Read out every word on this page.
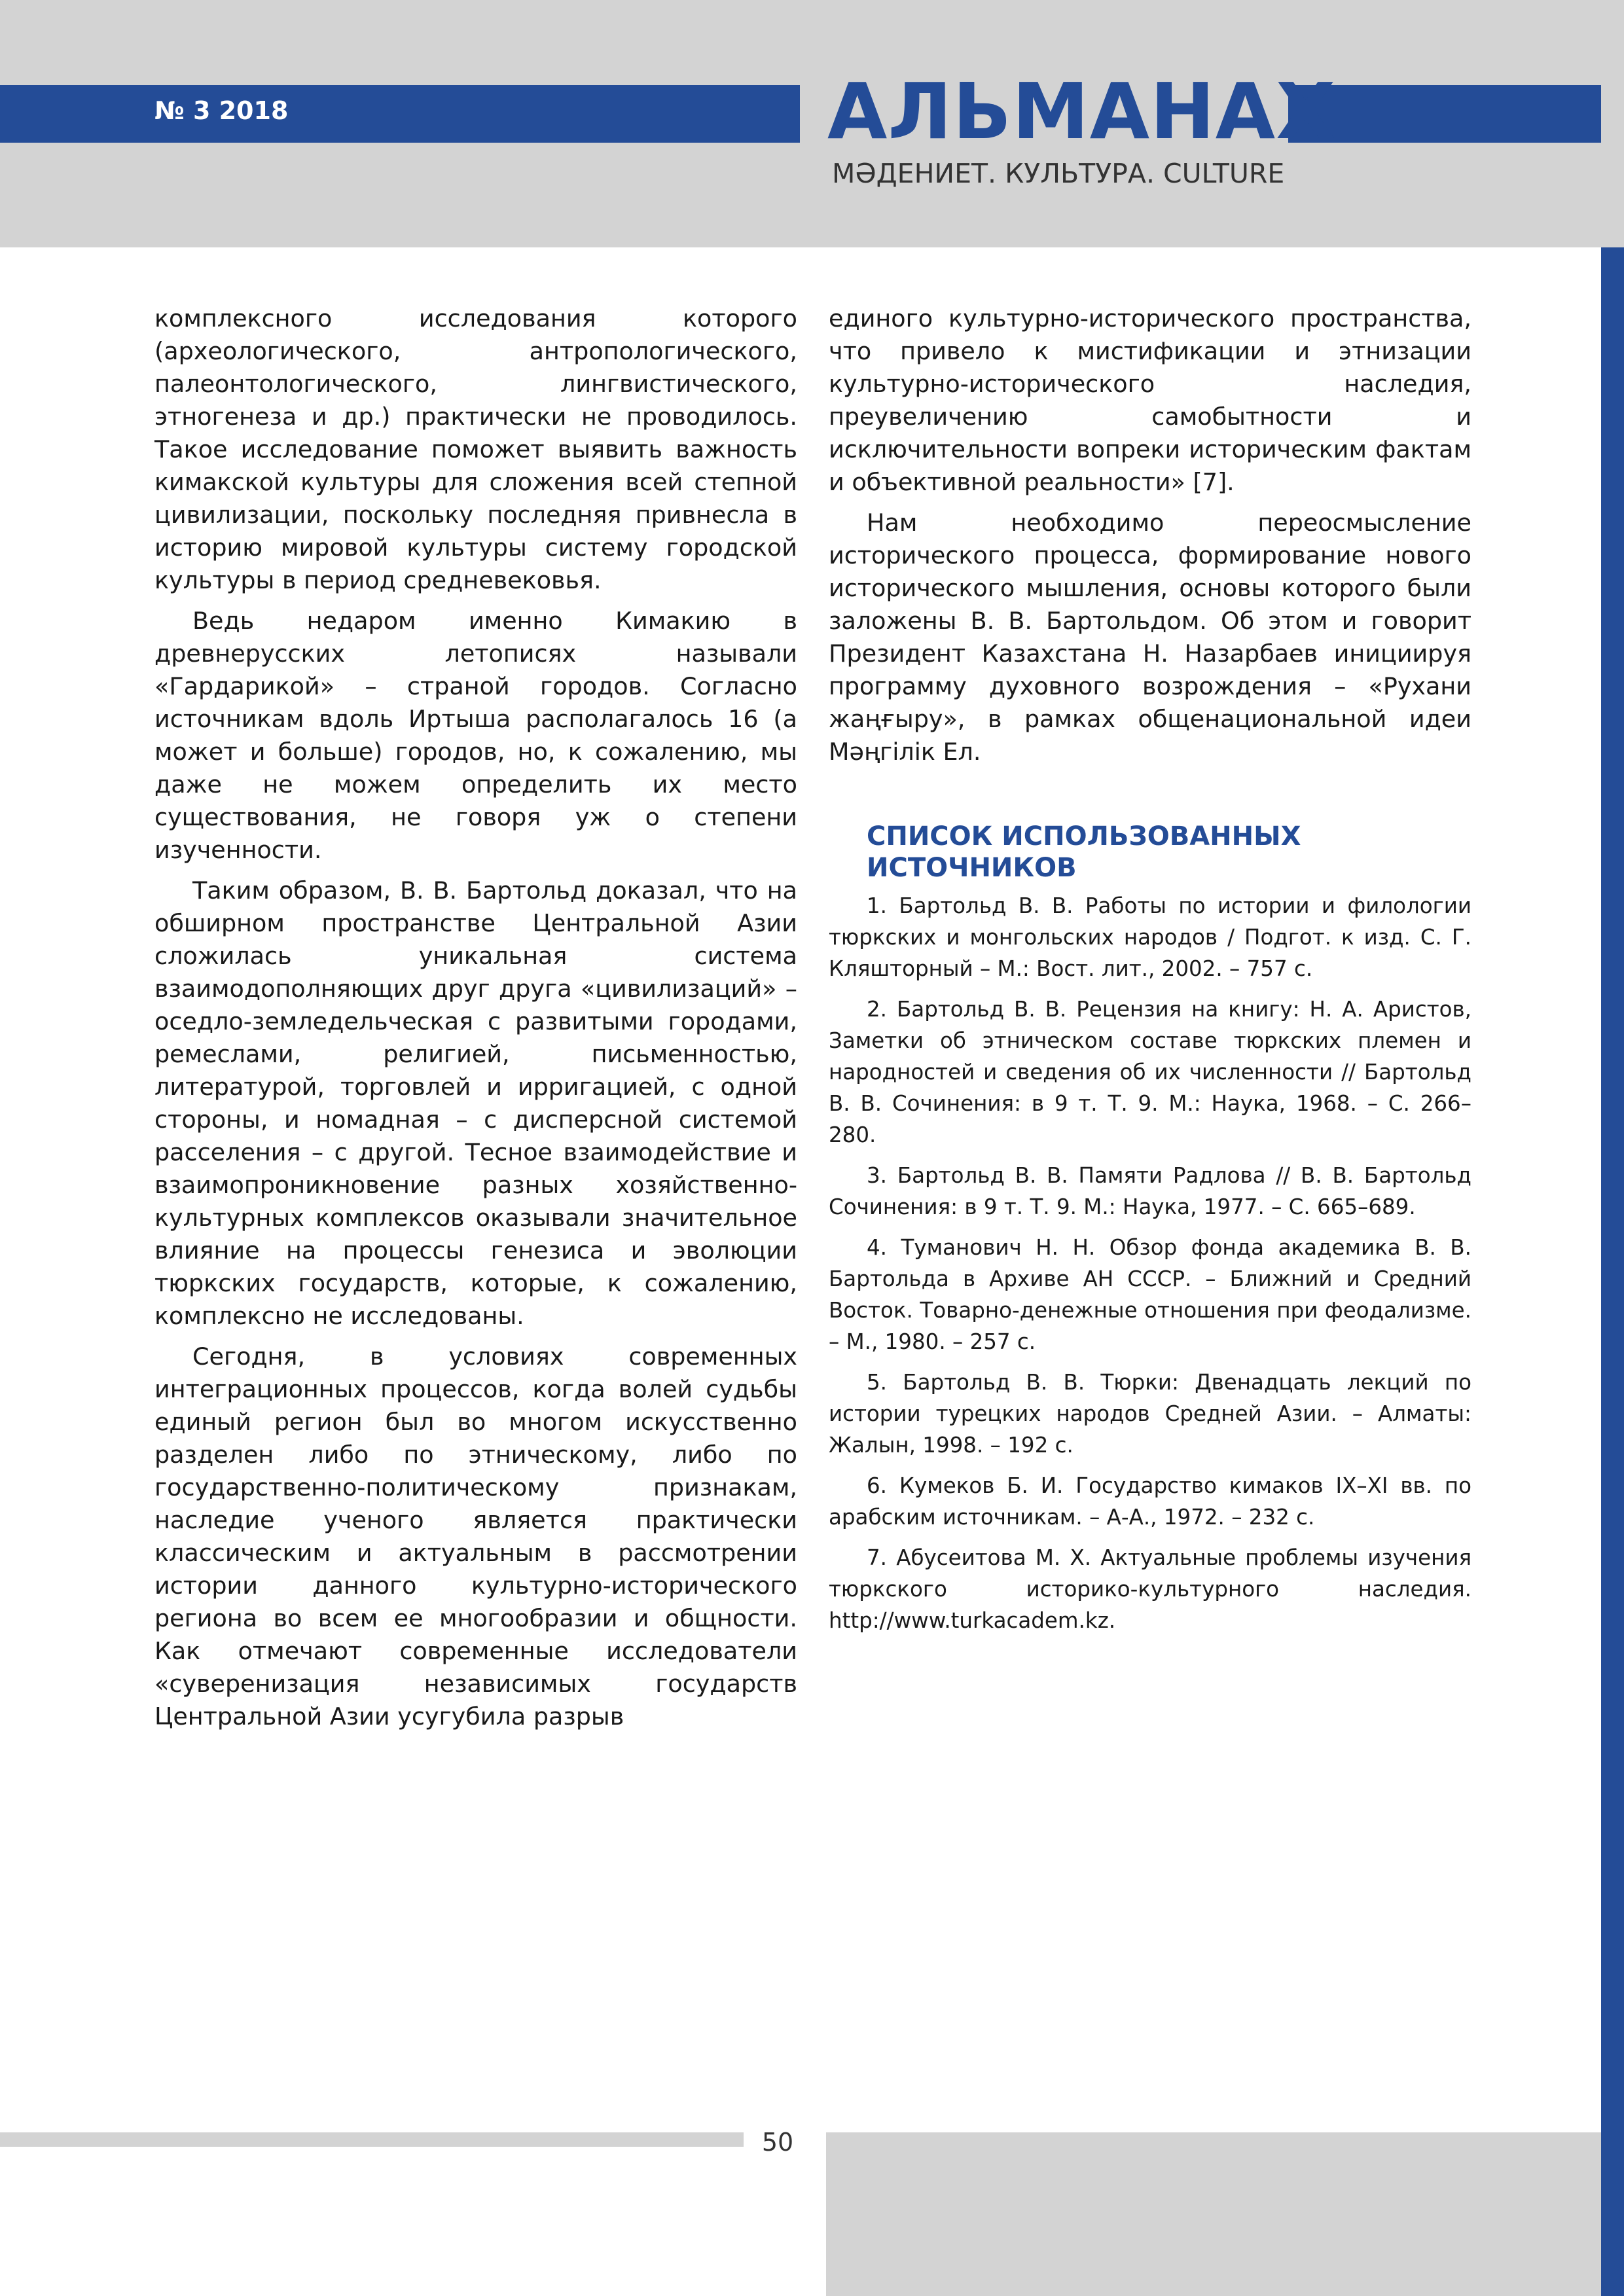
№ 3 2018	АЛЬМАНАХ
МӘДЕНИЕТ. КУЛЬТУРА. CULTURE

комплексного исследования которого (археологического, антропологического, палеонтологического, лингвистического, этногенеза и др.) практически не проводилось. Такое исследование поможет выявить важность кимакской культуры для сложения всей степной цивилизации, поскольку последняя привнесла в историю мировой культуры систему городской культуры в период средневековья.

Ведь недаром именно Кимакию в древнерусских летописях называли «Гардарикой» – страной городов. Согласно источникам вдоль Иртыша располагалось 16 (а может и больше) городов, но, к сожалению, мы даже не можем определить их место существования, не говоря уж о степени изученности.

Таким образом, В. В. Бартольд доказал, что на обширном пространстве Центральной Азии сложилась уникальная система взаимодополняющих друг друга «цивилизаций» – оседло-земледельческая с развитыми городами, ремеслами, религией, письменностью, литературой, торговлей и ирригацией, с одной стороны, и номадная – с дисперсной системой расселения – с другой. Тесное взаимодействие и взаимопроникновение разных хозяйственно-культурных комплексов оказывали значительное влияние на процессы генезиса и эволюции тюркских государств, которые, к сожалению, комплексно не исследованы.

Сегодня, в условиях современных интеграционных процессов, когда волей судьбы единый регион был во многом искусственно разделен либо по этническому, либо по государственно-политическому признакам, наследие ученого является практически классическим и актуальным в рассмотрении истории данного культурно-исторического региона во всем ее многообразии и общности. Как отмечают современные исследователи «суверенизация независимых государств Центральной Азии усугубила разрыв

единого культурно-исторического пространства, что привело к мистификации и этнизации культурно-исторического наследия, преувеличению самобытности и исключительности вопреки историческим фактам и объективной реальности» [7].

Нам необходимо переосмысление исторического процесса, формирование нового исторического мышления, основы которого были заложены В. В. Бартольдом. Об этом и говорит Президент Казахстана Н. Назарбаев инициируя программу духовного возрождения – «Рухани жаңғыру», в рамках общенациональной идеи Мәңгілік Ел.

СПИСОК ИСПОЛЬЗОВАННЫХ
ИСТОЧНИКОВ

1. Бартольд В. В. Работы по истории и филологии тюркских и монгольских народов / Подгот. к изд. С. Г. Кляшторный – М.: Вост. лит., 2002. – 757 с.

2. Бартольд В. В. Рецензия на книгу: Н. А. Аристов, Заметки об этническом составе тюркских племен и народностей и сведения об их численности // Бартольд В. В. Сочинения: в 9 т. Т. 9. М.: Наука, 1968. – С. 266–280.

3. Бартольд В. В. Памяти Радлова // В. В. Бартольд Сочинения: в 9 т. Т. 9. М.: Наука, 1977. – С. 665–689.

4. Туманович Н. Н. Обзор фонда академика В. В. Бартольда в Архиве АН СССР. – Ближний и Средний Восток. Товарно-денежные отношения при феодализме. – М., 1980. – 257 с.

5. Бартольд В. В. Тюрки: Двенадцать лекций по истории турецких народов Средней Азии. – Алматы: Жалын, 1998. – 192 с.

6. Кумеков Б. И. Государство кимаков IX–XI вв. по арабским источникам. – А-А., 1972. – 232 с.

7. Абусеитова М. Х. Актуальные проблемы изучения тюркского историко-культурного наследия. http://www.turkacadem.kz.

50
